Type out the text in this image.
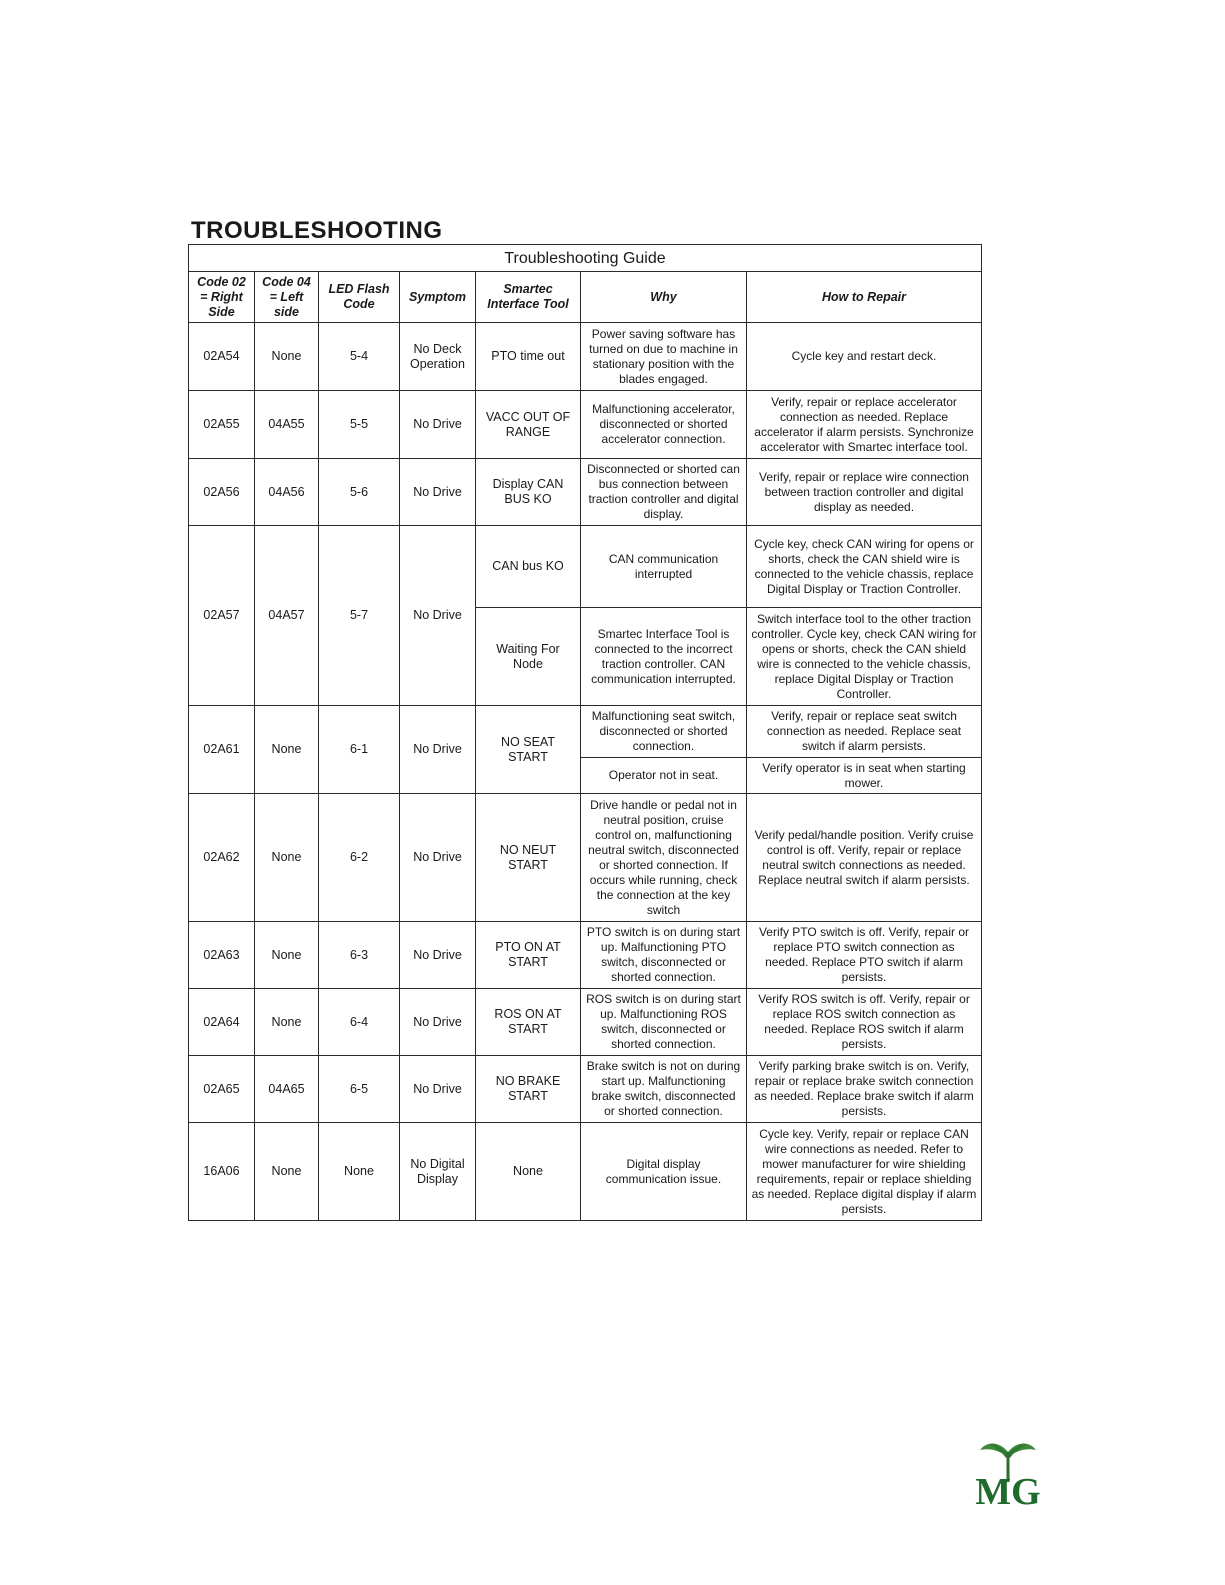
TROUBLESHOOTING
Troubleshooting Guide						
Code 02 = Right Side	Code 04 = Left side	LED Flash Code	Symptom	Smartec Interface Tool	Why	How to Repair
02A54	None	5-4	No Deck Operation	PTO time out	Power saving software has turned on due to machine in stationary position with the blades engaged.	Cycle key and restart deck.
02A55	04A55	5-5	No Drive	VACC OUT OF RANGE	Malfunctioning accelerator, disconnected or shorted accelerator connection.	Verify, repair or replace accelerator connection as needed. Replace accelerator if alarm persists. Synchronize accelerator with Smartec interface tool.
02A56	04A56	5-6	No Drive	Display CAN BUS KO	Disconnected or shorted can bus connection between traction controller and digital display.	Verify, repair or replace wire connection between traction controller and digital display as needed.
02A57	04A57	5-7	No Drive	CAN bus KO	CAN communication interrupted	Cycle key, check CAN wiring for opens or shorts, check the CAN shield wire is connected to the vehicle chassis, replace Digital Display or Traction Controller.
				Waiting For Node	Smartec Interface Tool is connected to the incorrect traction controller. CAN communication interrupted.	Switch interface tool to the other traction controller. Cycle key, check CAN wiring for opens or shorts, check the CAN shield wire is connected to the vehicle chassis, replace Digital Display or Traction Controller.
02A61	None	6-1	No Drive	NO SEAT START	Malfunctioning seat switch, disconnected or shorted connection.	Verify, repair or replace seat switch connection as needed. Replace seat switch if alarm persists.
					Operator not in seat.	Verify operator is in seat when starting mower.
02A62	None	6-2	No Drive	NO NEUT START	Drive handle or pedal not in neutral position, cruise control on, malfunctioning neutral switch, disconnected or shorted connection. If occurs while running, check the connection at the key switch	Verify pedal/handle position. Verify cruise control is off. Verify, repair or replace neutral switch connections as needed. Replace neutral switch if alarm persists.
02A63	None	6-3	No Drive	PTO ON AT START	PTO switch is on during start up. Malfunctioning PTO switch, disconnected or shorted connection.	Verify PTO switch is off. Verify, repair or replace PTO switch connection as needed. Replace PTO switch if alarm persists.
02A64	None	6-4	No Drive	ROS ON AT START	ROS switch is on during start up. Malfunctioning ROS switch, disconnected or shorted connection.	Verify ROS switch is off. Verify, repair or replace ROS switch connection as needed. Replace ROS switch if alarm persists.
02A65	04A65	6-5	No Drive	NO BRAKE START	Brake switch is not on during start up. Malfunctioning brake switch, disconnected or shorted connection.	Verify parking brake switch is on. Verify, repair or replace brake switch connection as needed. Replace brake switch if alarm persists.
16A06	None	None	No Digital Display	None	Digital display communication issue.	Cycle key. Verify, repair or replace CAN wire connections as needed. Refer to mower manufacturer for wire shielding requirements, repair or replace shielding as needed. Replace digital display if alarm persists.
MG
